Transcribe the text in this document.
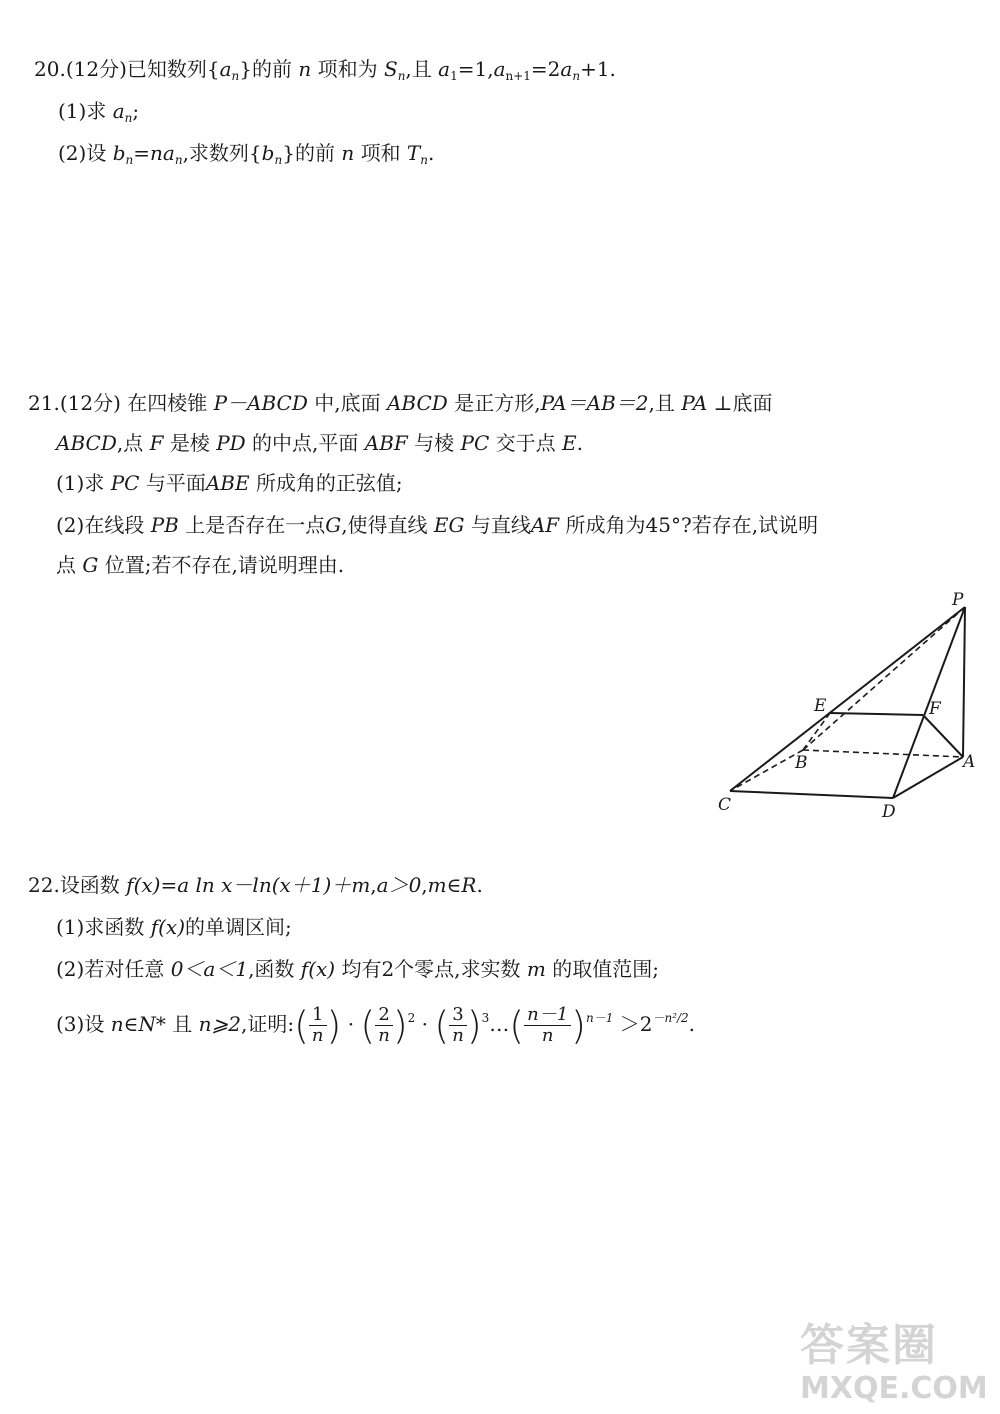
20.(12分)已知数列$\{a_n\}$的前 n 项和为 $S_n$,且 $a_1=1,a_{n+1}=2a_n+1$.
(1)求 $a_n$;
(2)设 $b_n=na_n$,求数列$\{b_n\}$的前 n 项和 $T_n$.
21.(12分) 在四棱锥 P－ABCD 中,底面 ABCD 是正方形,PA＝AB＝2,且 PA ⊥底面
ABCD,点 F 是棱 PD 的中点,平面 ABF 与棱 PC 交于点 E.
(1)求 PC 与平面ABE 所成角的正弦值;
(2)在线段 PB 上是否存在一点G,使得直线 EG 与直线AF 所成角为45°?若存在,试说明
点 G 位置;若不存在,请说明理由.
P
E	F
B	A
C	D
22.设函数 f(x)=a ln x－ln(x＋1)＋m,a＞0,m∈R.
(1)求函数 f(x)的单调区间;
(2)若对任意 0＜a＜1,函数 f(x) 均有2个零点,求实数 m 的取值范围;
(3)设 n∈N* 且 n⩾2,证明:( $\frac{1}{n}$ ) · ( $\frac{2}{n} )^2$ · ( $\frac{3}{n}$ )$^3$…( $\frac{n-1}{n} )^{n-1} >2^{-n^2/2}$.
答案圈
MXQE.COM
